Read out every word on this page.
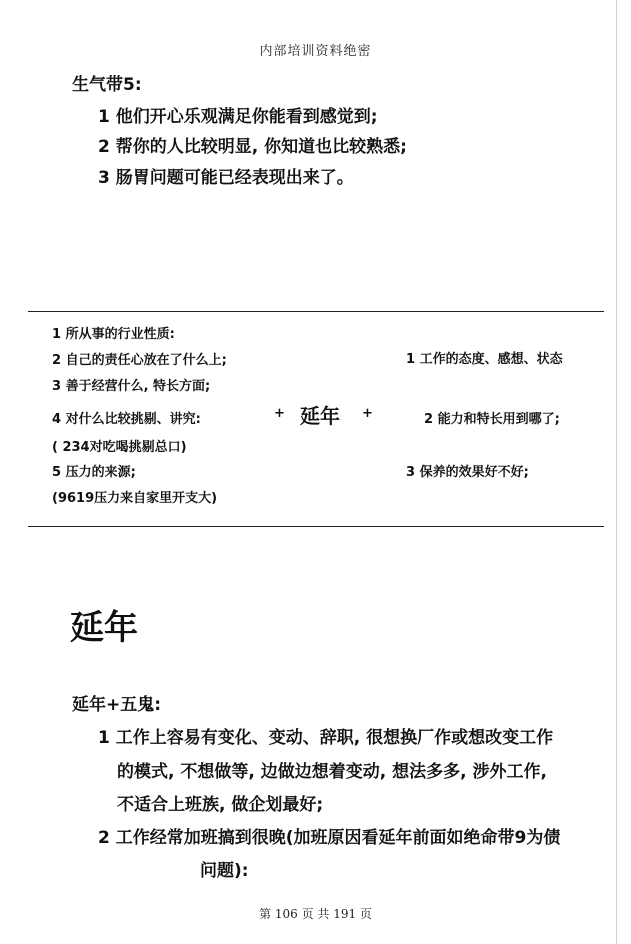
内部培训资料绝密
生气带5:
1 他们开心乐观满足你能看到感觉到;
2 帮你的人比较明显, 你知道也比较熟悉;
3 肠胃问题可能已经表现出来了。
1 所从事的行业性质:
2 自己的责任心放在了什么上;
3 善于经营什么, 特长方面;
4 对什么比较挑剔、讲究:
( 234对吃喝挑剔总口)
5 压力的来源;
(9619压力来自家里开支大)
+ 延年 +
1 工作的态度、感想、状态
2 能力和特长用到哪了;
3 保养的效果好不好;
延年
延年+五鬼:
1 工作上容易有变化、变动、辞职, 很想换厂作或想改变工作
的模式, 不想做等, 边做边想着变动, 想法多多, 涉外工作,
不适合上班族, 做企划最好;
2 工作经常加班搞到很晚(加班原因看延年前面如绝命带9为债
问题):
第 106 页 共 191 页
